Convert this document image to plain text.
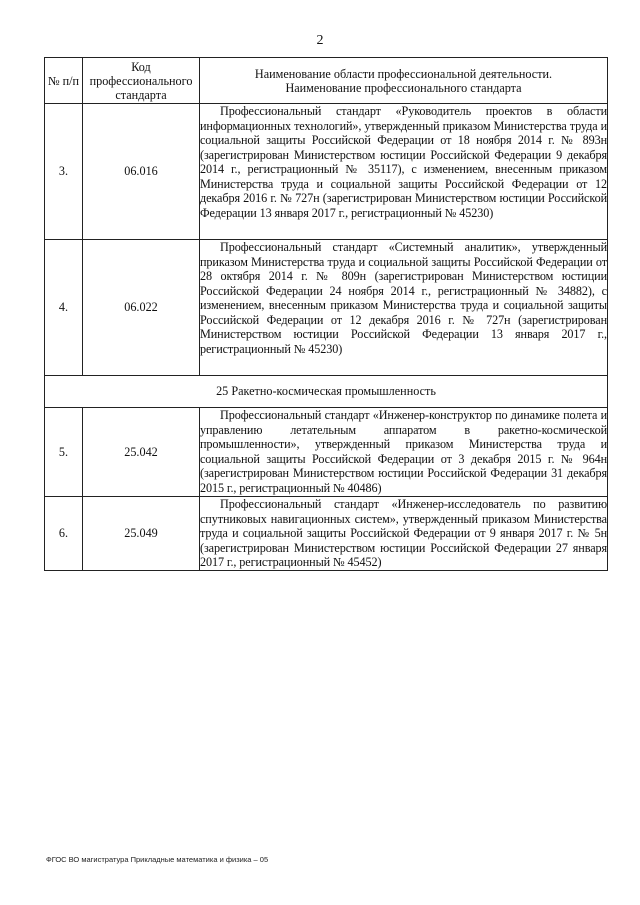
2
№ п/п	Код профессионального стандарта	Наименование области профессиональной деятельности.
Наименование профессионального стандарта

3.	06.016	Профессиональный стандарт «Руководитель проектов в области информационных технологий», утвержденный приказом Министерства труда и социальной защиты Российской Федерации от 18 ноября 2014 г. № 893н (зарегистрирован Министерством юстиции Российской Федерации 9 декабря 2014 г., регистрационный № 35117), с изменением, внесенным приказом Министерства труда и социальной защиты Российской Федерации от 12 декабря 2016 г. № 727н (зарегистрирован Министерством юстиции Российской Федерации 13 января 2017 г., регистрационный № 45230)

4.	06.022	Профессиональный стандарт «Системный аналитик», утвержденный приказом Министерства труда и социальной защиты Российской Федерации от 28 октября 2014 г. № 809н (зарегистрирован Министерством юстиции Российской Федерации 24 ноября 2014 г., регистрационный № 34882), с изменением, внесенным приказом Министерства труда и социальной защиты Российской Федерации от 12 декабря 2016 г. № 727н (зарегистрирован Министерством юстиции Российской Федерации 13 января 2017 г., регистрационный № 45230)

25 Ракетно-космическая промышленность		
5.	25.042	Профессиональный стандарт «Инженер-конструктор по динамике полета и управлению летательным аппаратом в ракетно-космической промышленности», утвержденный приказом Министерства труда и социальной защиты Российской Федерации от 3 декабря 2015 г. № 964н (зарегистрирован Министерством юстиции Российской Федерации 31 декабря 2015 г., регистрационный № 40486)

6.	25.049	Профессиональный стандарт «Инженер-исследователь по развитию спутниковых навигационных систем», утвержденный приказом Министерства труда и социальной защиты Российской Федерации от 9 января 2017 г. № 5н (зарегистрирован Министерством юстиции Российской Федерации 27 января 2017 г., регистрационный № 45452)
ФГОС ВО магистратура Прикладные математика и физика – 05
